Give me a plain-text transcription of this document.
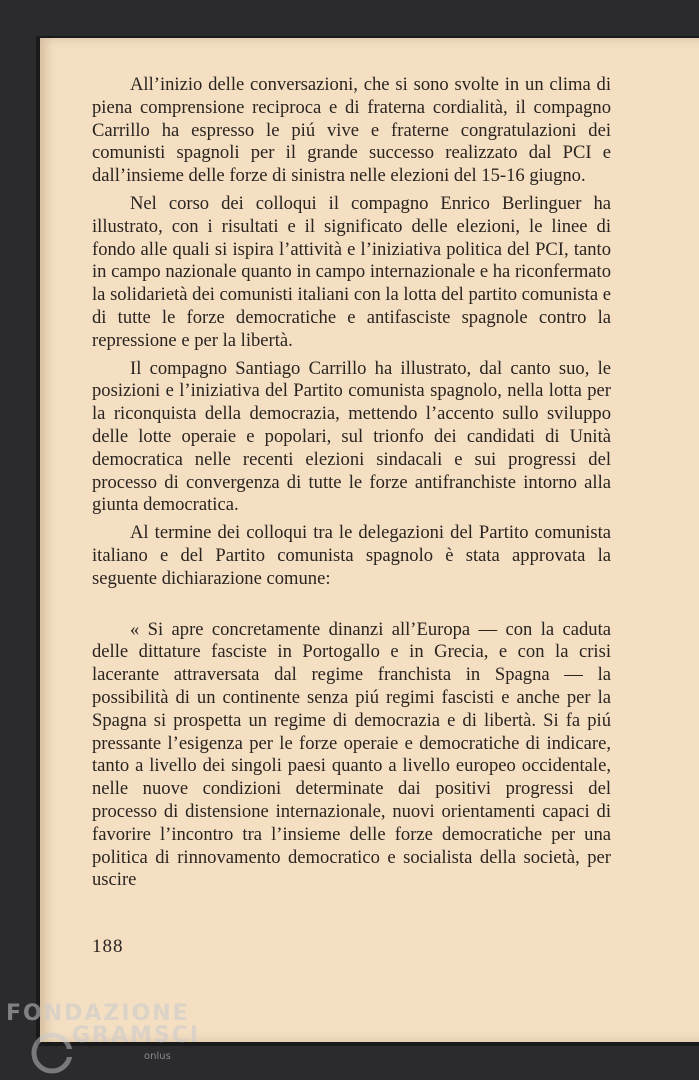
All’inizio delle conversazioni, che si sono svolte in un clima di piena comprensione reciproca e di fraterna cordialità, il compagno Carrillo ha espresso le piú vive e fraterne congratulazioni dei comunisti spagnoli per il grande successo realizzato dal PCI e dall’insieme delle forze di sinistra nelle elezioni del 15-16 giugno.

Nel corso dei colloqui il compagno Enrico Berlinguer ha illustrato, con i risultati e il significato delle elezioni, le linee di fondo alle quali si ispira l’attività e l’iniziativa politica del PCI, tanto in campo nazionale quanto in campo internazionale e ha riconfermato la solidarietà dei comunisti italiani con la lotta del partito comunista e di tutte le forze democratiche e antifasciste spagnole contro la repressione e per la libertà.

Il compagno Santiago Carrillo ha illustrato, dal canto suo, le posizioni e l’iniziativa del Partito comunista spagnolo, nella lotta per la riconquista della democrazia, mettendo l’accento sullo sviluppo delle lotte operaie e popolari, sul trionfo dei candidati di Unità democratica nelle recenti elezioni sindacali e sui progressi del processo di convergenza di tutte le forze antifranchiste intorno alla giunta democratica.

Al termine dei colloqui tra le delegazioni del Partito comunista italiano e del Partito comunista spagnolo è stata approvata la seguente dichiarazione comune:

« Si apre concretamente dinanzi all’Europa — con la caduta delle dittature fasciste in Portogallo e in Grecia, e con la crisi lacerante attraversata dal regime franchista in Spagna — la possibilità di un continente senza piú regimi fascisti e anche per la Spagna si prospetta un regime di democrazia e di libertà. Si fa piú pressante l’esigenza per le forze operaie e democratiche di indicare, tanto a livello dei singoli paesi quanto a livello europeo occidentale, nelle nuove condizioni determinate dai positivi progressi del processo di distensione internazionale, nuovi orientamenti capaci di favorire l’incontro tra l’insieme delle forze democratiche per una politica di rinnovamento democratico e socialista della società, per uscire

188
FONDAZIONE
GRAMSCI
onlus
